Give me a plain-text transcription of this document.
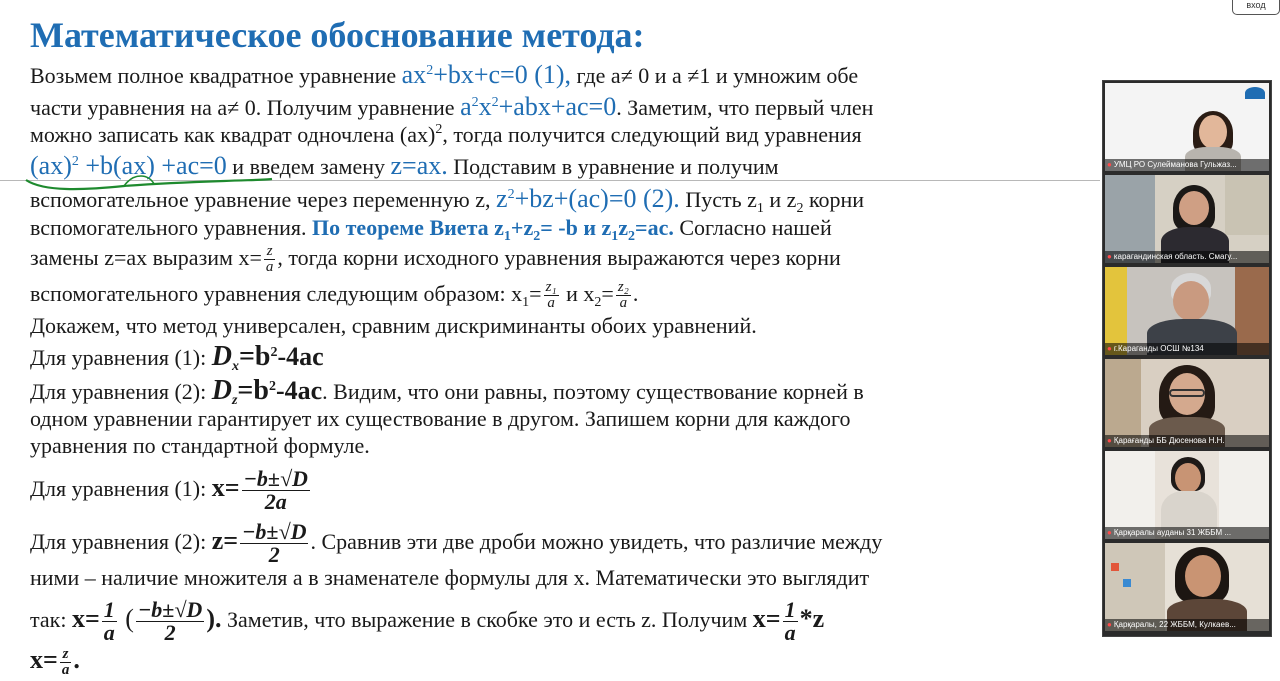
Математическое обоснование метода:
Возьмем полное квадратное уравнение $ax^2+bx+c=0$ (1), где a≠ 0 и a ≠1 и умножим обе
части уравнения на a≠ 0. Получим уравнение $a^2x^2+abx+ac=0$. Заметим, что первый член
можно записать как квадрат одночлена (ax)$^2$, тогда получится следующий вид уравнения
(ax)$^2$ +b(ax) +ac=0 и введем замену z=ax. Подставим в уравнение и получим
вспомогательное уравнение через переменную z, $z^2+bz+(ac)=0$ (2). Пусть $z_1$ и $z_2$ корни
вспомогательного уравнения. По теореме Виета $z_1+z_2= -b$ и $z_1z_2=ac$. Согласно нашей
замены z=ax выразим $x= \frac{z}{a}$ , тогда корни исходного уравнения выражаются через корни
вспомогательного уравнения следующим образом: $x_1= \frac{\text{z₁}}{a}$ и $x_2= \frac{\text{z₂}}{a}$ .
Докажем, что метод универсален, сравним дискриминанты обоих уравнений.
Для уравнения (1): $D_x=b^2-4ac$
Для уравнения (2): $D_z=b^2-4ac$. Видим, что они равны, поэтому существование корней в
одном уравнении гарантирует их существование в другом. Запишем корни для каждого
уравнения по стандартной формуле.
Для уравнения (1): $x= \frac{-b\pm√D}{2a}$
Для уравнения (2): $z= \frac{-b\pm√D}{2}$ . Сравнив эти две дроби можно увидеть, что различие между
ними – наличие множителя a в знаменателе формулы для x. Математически это выглядит
так: $x= \frac{1}{a}$ ( $\frac{-b\pm√D}{2}$ ). Заметив, что выражение в скобке это и есть z. Получим $x= \frac{1}{a} *z$
$x= \frac{z}{a}$ .
вход
● УМЦ РО Сулейманова Гульжаз...
● карагандинская область. Смагу...
● г.Караганды ОСШ №134
● Қарағанды ББ Дюсенова Н.Н.
● Қарқаралы ауданы 31 ЖББМ ...
● Қарқаралы, 22 ЖББМ, Кулкаев...
